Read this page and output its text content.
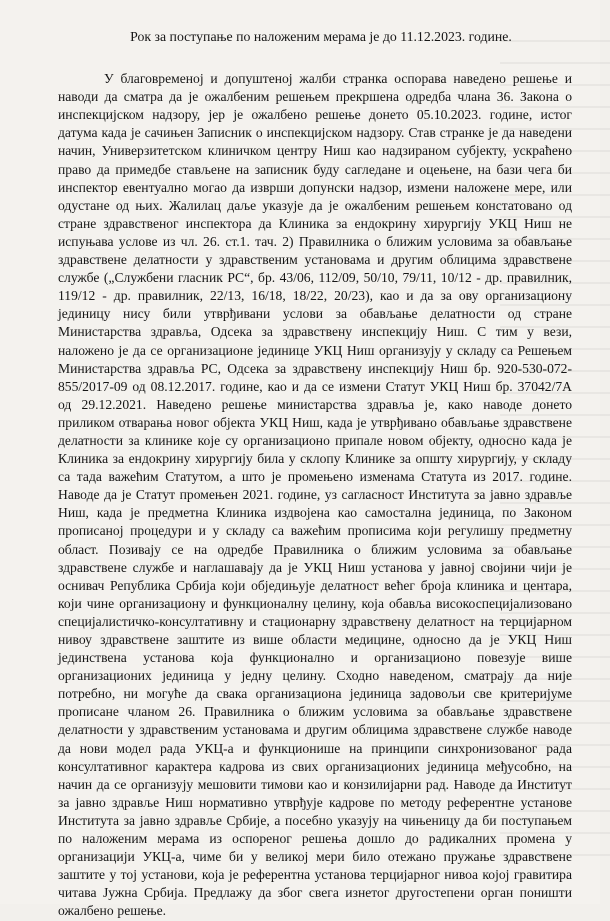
Рок за поступање по наложеним мерама је до 11.12.2023. године.

У благовременој и допуштеној жалби странка оспорава наведено решење и наводи да сматра да је ожалбеним решењем прекршена одредба члана 36. Закона о инспекцијском надзору, јер је ожалбено решење донето 05.10.2023. године, истог датума када је сачињен Записник о инспекцијском надзору. Став странке је да наведени начин, Универзитетском клиничком центру Ниш као надзираном субјекту, ускраћено право да примедбе стављене на записник буду сагледане и оцењене, на бази чега би инспектор евентуално могао да изврши допунски надзор, измени наложене мере, или одустане од њих. Жалилац даље указује да је ожалбеним решењем констатовано од стране здравственог инспектора да Клиника за ендокрину хирургију УКЦ Ниш не испуњава услове из чл. 26. ст.1. тач. 2) Правилника о ближим условима за обављање здравствене делатности у здравственим установама и другим облицима здравствене службе („Службени гласник РС“, бр. 43/06, 112/09, 50/10, 79/11, 10/12 - др. правилник, 119/12 - др. правилник, 22/13, 16/18, 18/22, 20/23), као и да за ову организациону јединицу нису били утврђивани услови за обављање делатности од стране Министарства здравља, Одсека за здравствену инспекцију Ниш. С тим у вези, наложено је да се организационе јединице УКЦ Ниш организују у складу са Решењем Министарства здравља РС, Одсека за здравствену инспекцију Ниш бр. 920-530-072-855/2017-09 од 08.12.2017. године, као и да се измени Статут УКЦ Ниш бр. 37042/7А од 29.12.2021. Наведено решење министарства здравља је, како наводе донето приликом отварања новог објекта УКЦ Ниш, када је утврђивано обављање здравствене делатности за клинике које су организационо припале новом објекту, односно када је Клиника за ендокрину хирургију била у склопу Клинике за општу хирургију, у складу са тада важећим Статутом, а што је промењено изменама Статута из 2017. године. Наводе да је Статут промењен 2021. године, уз сагласност Института за јавно здравље Ниш, када је предметна Клиника издвојена као самостална јединица, по Законом прописаној процедури и у складу са важећим прописима који регулишу предметну област. Позивају се на одредбе Правилника о ближим условима за обављање здравствене службе и наглашавају да је УКЦ Ниш установа у јавној својини чији је оснивач Република Србија који обједињује делатност већег броја клиника и центара, који чине организациону и функционалну целину, која обавља високоспецијализовано специјалистичко-консултативну и стационарну здравствену делатност на терцијарном нивоу здравствене заштите из више области медицине, односно да је УКЦ Ниш јединствена установа која функционално и организационо повезује више организационих јединица у једну целину. Сходно наведеном, сматрају да није потребно, ни могуће да свака организациона јединица задовољи све критеријуме прописане чланом 26. Правилника о ближим условима за обављање здравствене делатности у здравственим установама и другим облицима здравствене службе наводе да нови модел рада УКЦ-а и функционише на принципи синхронизованог рада консултативног карактера кадрова из свих организационих јединица међусобно, на начин да се организују мешовити тимови као и конзилијарни рад. Наводе да Институт за јавно здравље Ниш нормативно утврђује кадрове по методу референтне установе Института за јавно здравље Србије, а посебно указују на чињеницу да би поступањем по наложеним мерама из оспореног решења дошло до радикалних промена у организацији УКЦ-а, чиме би у великој мери било отежано пружање здравствене заштите у тој установи, која је референтна установа терцијарног нивоа којој гравитира читава Јужна Србија. Предлажу да због свега изнетог другостепени орган поништи ожалбено решење.
